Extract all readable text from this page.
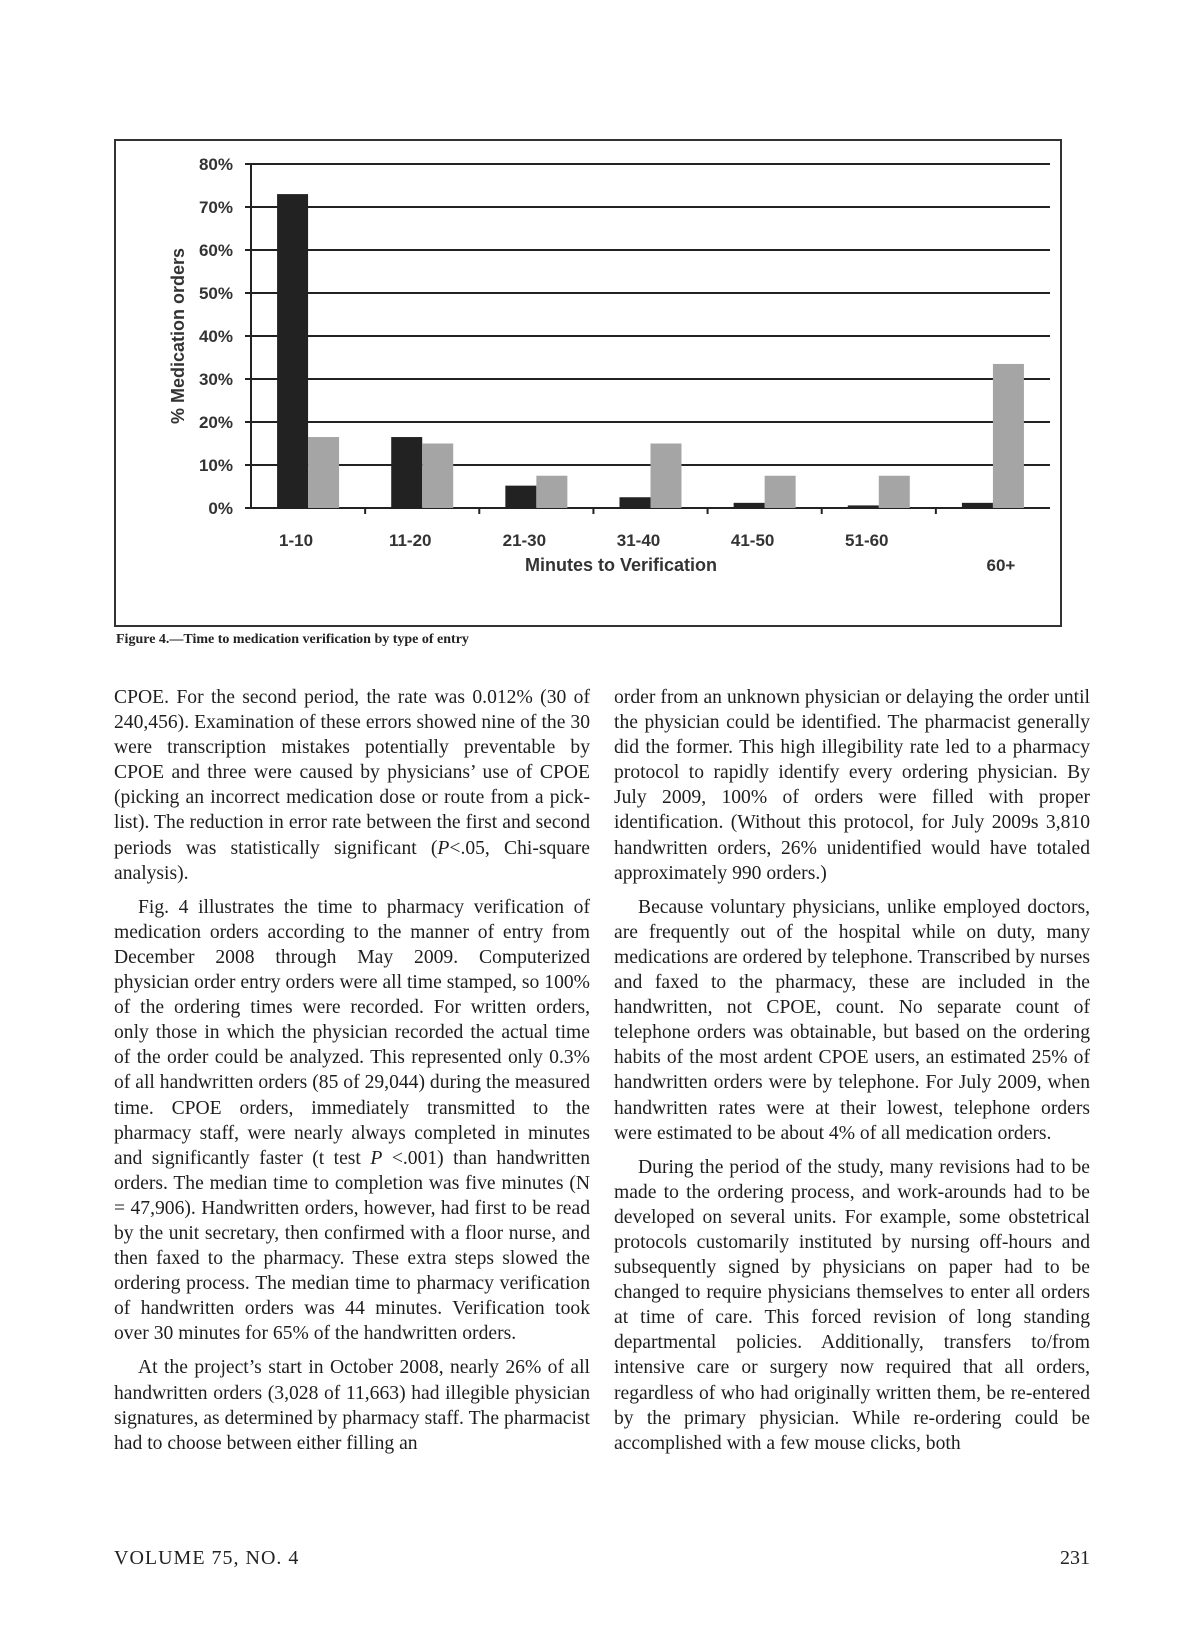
0%
10%
20%
30%
40%
50%
60%
70%
80%
1-10	11-20	21-30	31-40	41-50	51-60
60+
Minutes to Verification
% Medication orders
Figure 4.—Time to medication verification by type of entry

CPOE. For the second period, the rate was 0.012% (30 of 240,456). Examination of these errors showed nine of the 30 were transcription mistakes potentially preventable by CPOE and three were caused by physicians’ use of CPOE (picking an incorrect medication dose or route from a pick-list). The reduction in error rate between the first and second periods was statistically significant (P<.05, Chi-square analysis).

Fig. 4 illustrates the time to pharmacy verification of medication orders according to the manner of entry from December 2008 through May 2009. Computerized physician order entry orders were all time stamped, so 100% of the ordering times were recorded. For written orders, only those in which the physician recorded the actual time of the order could be analyzed. This represented only 0.3% of all handwritten orders (85 of 29,044) during the measured time. CPOE orders, immediately transmitted to the pharmacy staff, were nearly always completed in minutes and significantly faster (t test P <.001) than handwritten orders. The median time to completion was five minutes (N = 47,906). Handwritten orders, however, had first to be read by the unit secretary, then confirmed with a floor nurse, and then faxed to the pharmacy. These extra steps slowed the ordering process. The median time to pharmacy verification of handwritten orders was 44 minutes. Verification took over 30 minutes for 65% of the handwritten orders.

At the project’s start in October 2008, nearly 26% of all handwritten orders (3,028 of 11,663) had illegible physician signatures, as determined by pharmacy staff. The pharmacist had to choose between either filling an

order from an unknown physician or delaying the order until the physician could be identified. The pharmacist generally did the former. This high illegibility rate led to a pharmacy protocol to rapidly identify every ordering physician. By July 2009, 100% of orders were filled with proper identification. (Without this protocol, for July 2009s 3,810 handwritten orders, 26% unidentified would have totaled approximately 990 orders.)

Because voluntary physicians, unlike employed doctors, are frequently out of the hospital while on duty, many medications are ordered by telephone. Transcribed by nurses and faxed to the pharmacy, these are included in the handwritten, not CPOE, count. No separate count of telephone orders was obtainable, but based on the ordering habits of the most ardent CPOE users, an estimated 25% of handwritten orders were by telephone. For July 2009, when handwritten rates were at their lowest, telephone orders were estimated to be about 4% of all medication orders.

During the period of the study, many revisions had to be made to the ordering process, and work-arounds had to be developed on several units. For example, some obstetrical protocols customarily instituted by nursing off-hours and subsequently signed by physicians on paper had to be changed to require physicians themselves to enter all orders at time of care. This forced revision of long standing departmental policies. Additionally, transfers to/from intensive care or surgery now required that all orders, regardless of who had originally written them, be re-entered by the primary physician. While re-ordering could be accomplished with a few mouse clicks, both

VOLUME 75, NO. 4	231
